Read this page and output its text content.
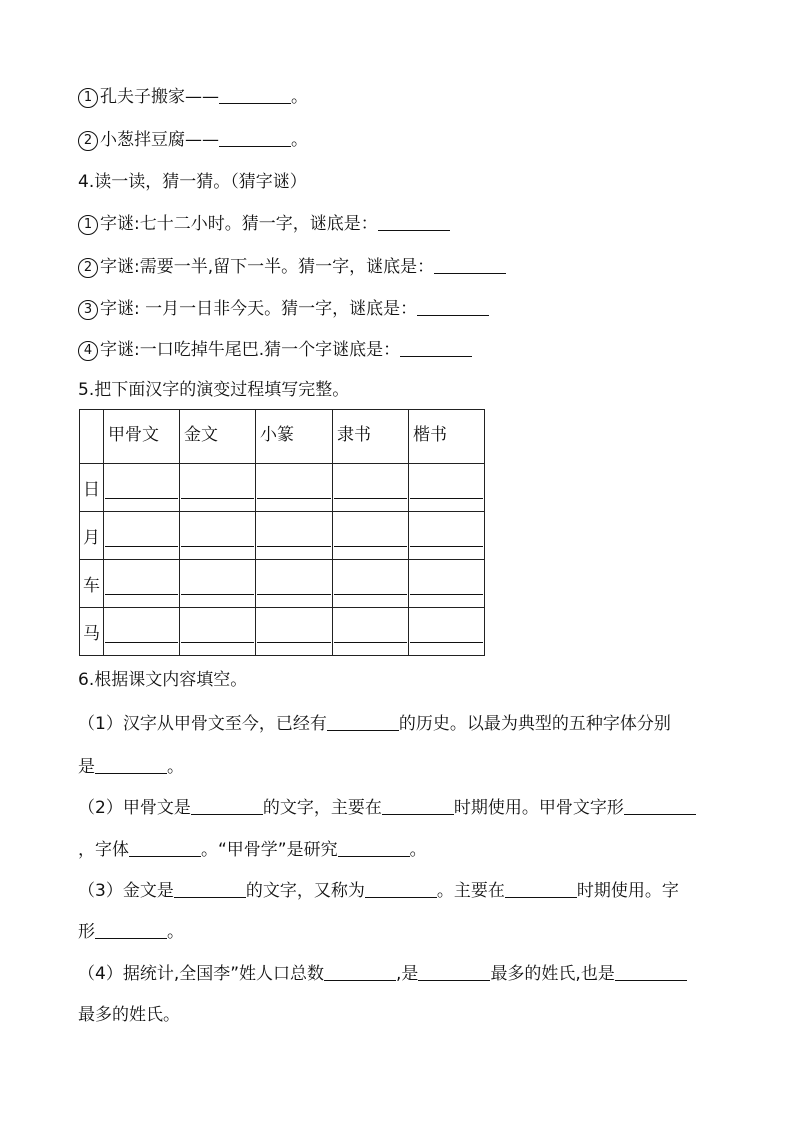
1 孔夫子搬家——	。
2 小葱拌豆腐——	。
4.读一读，猜一猜。（猜字谜）
1 字谜:七十二小时。猜一字，谜底是：
2 字谜:需要一半,留下一半。猜一字，谜底是：
3 字谜: 一月一日非今天。猜一字，谜底是：
4 字谜:一口吃掉牛尾巴.猜一个字谜底是：
5.把下面汉字的演变过程填写完整。
	甲骨文	金文	小篆	隶书	楷书
日	

月	

车	

马	

6.根据课文内容填空。
（1）汉字从甲骨文至今，已经有	的历史。以最为典型的五种字体分别
是	。
（2）甲骨文是	的文字，主要在	时期使用。甲骨文字形
，字体	。“甲骨学”是研究	。
（3）金文是	的文字，又称为	。主要在	时期使用。字
形	。
（4）据统计,全国李”姓人口总数	,是	最多的姓氏,也是
最多的姓氏。
